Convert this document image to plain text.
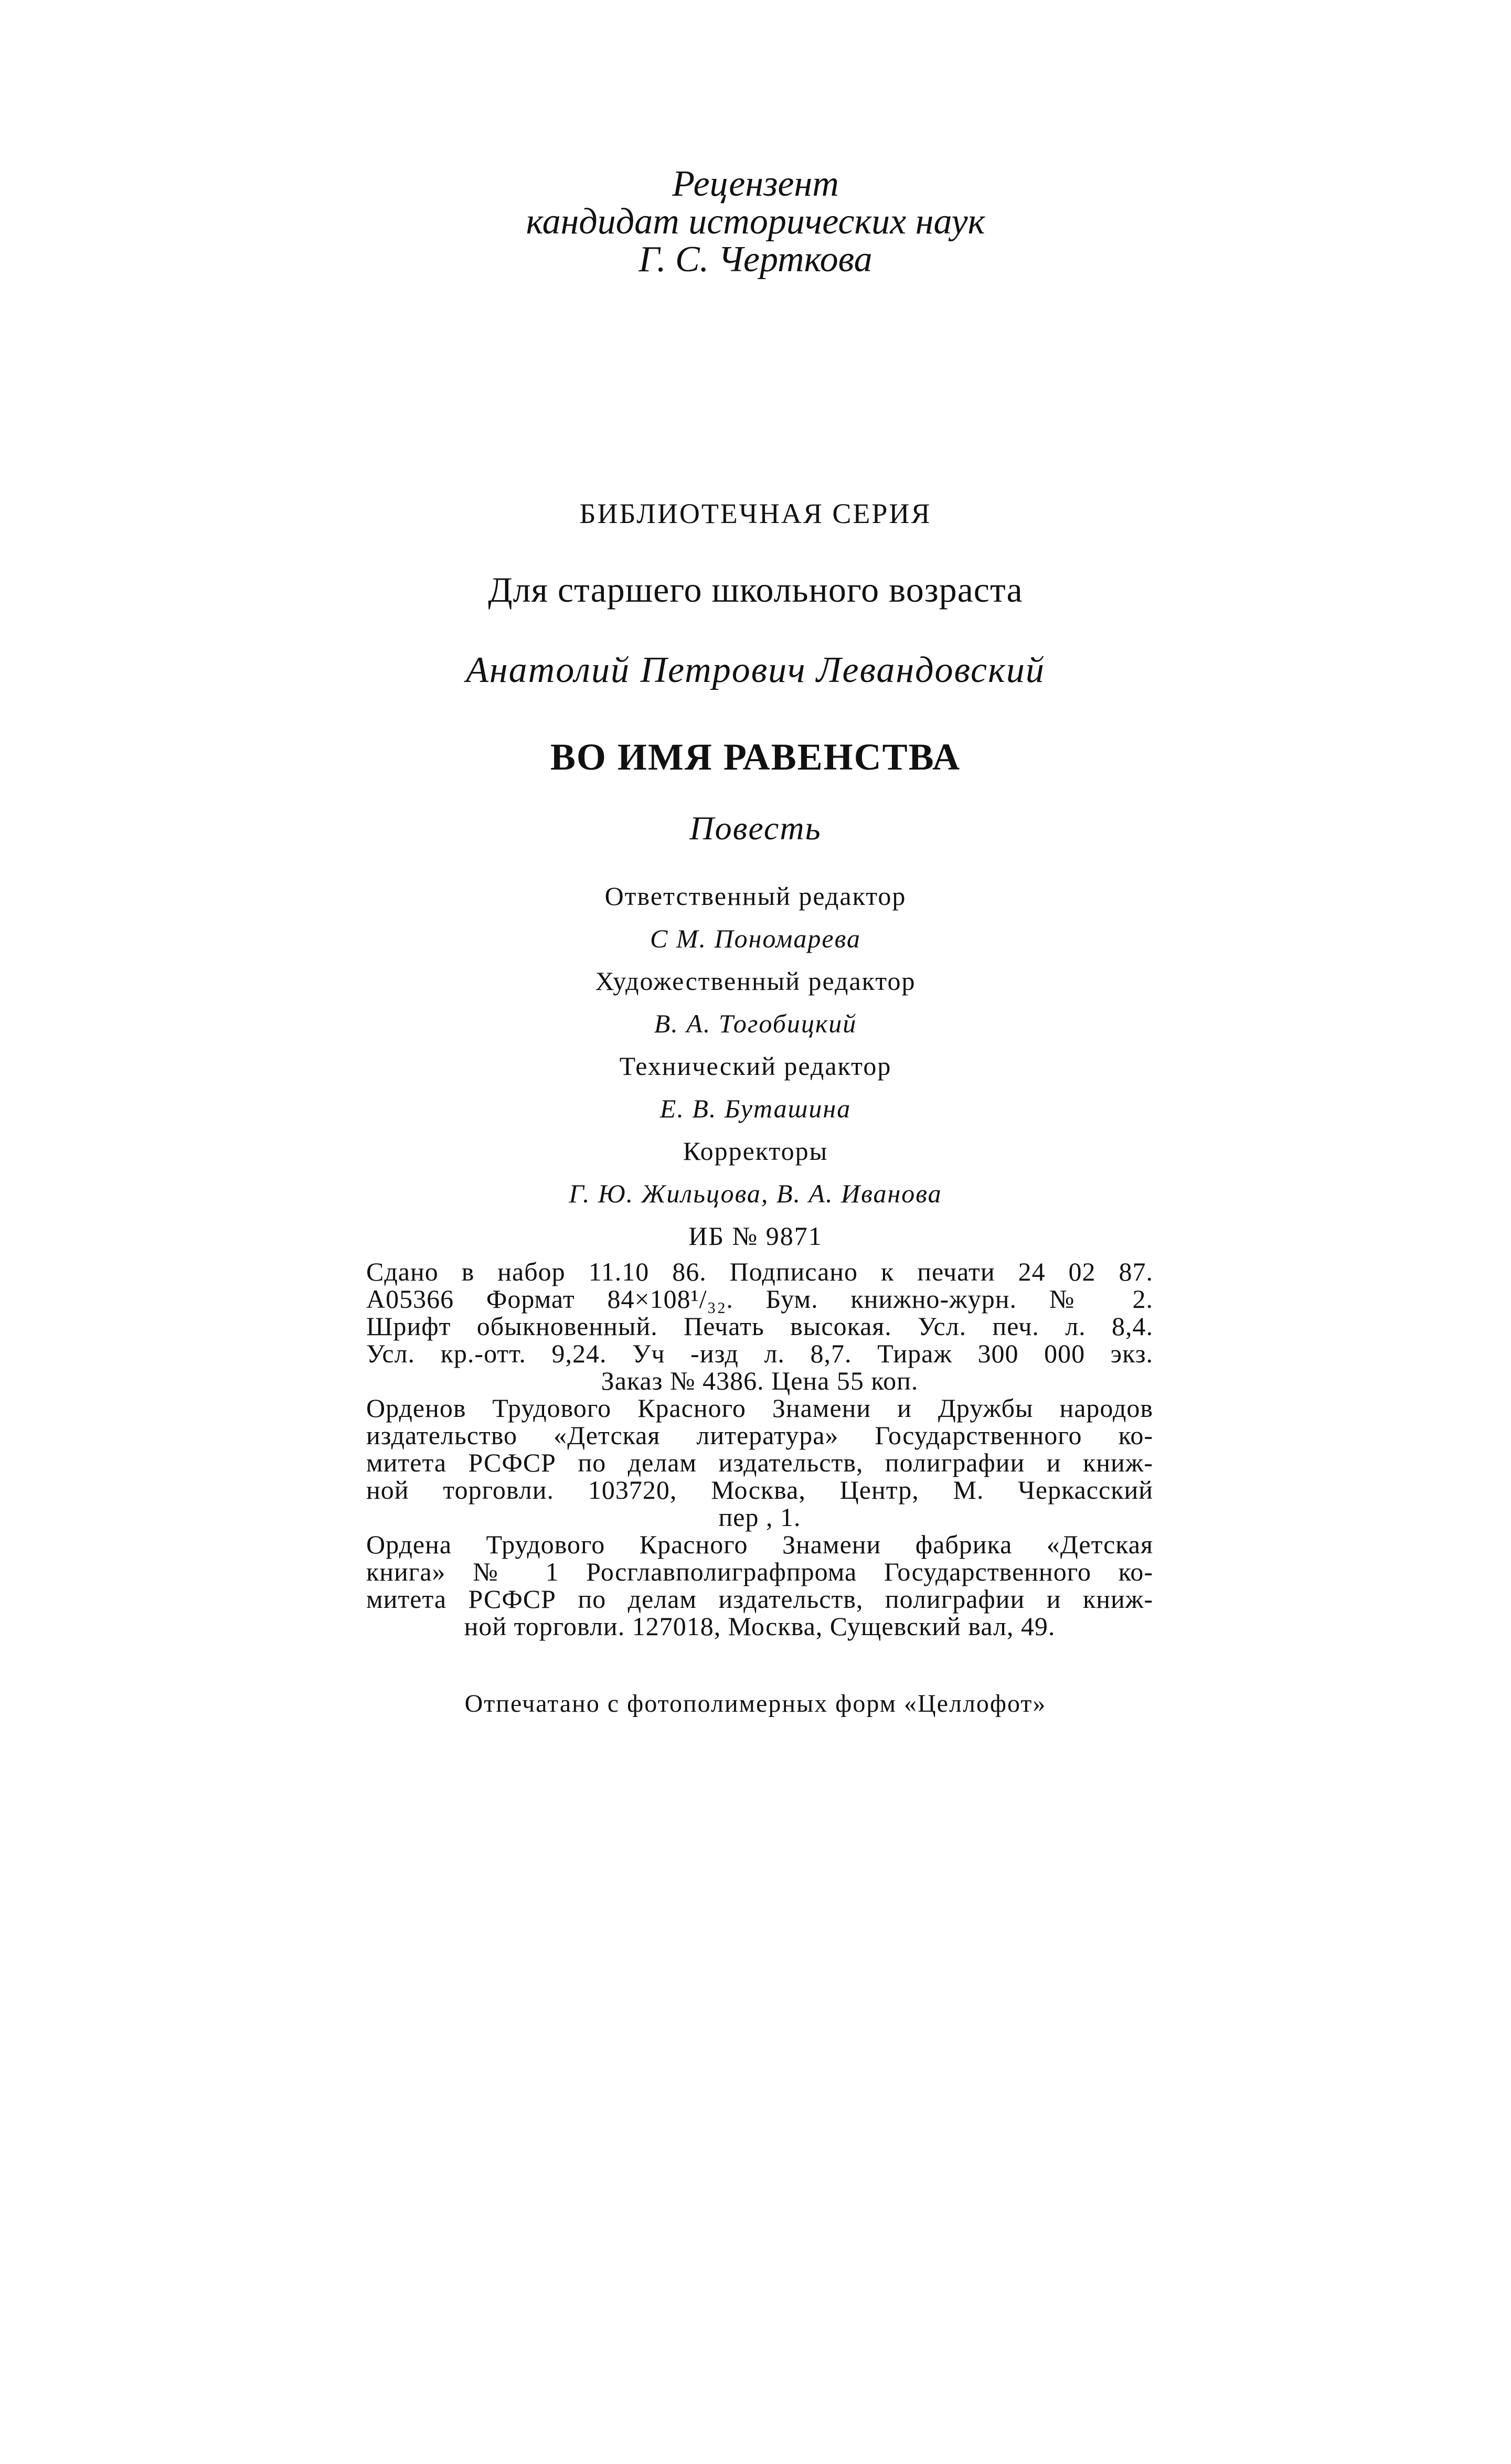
Рецензент
кандидат исторических наук
Г. С. Черткова
БИБЛИОТЕЧНАЯ СЕРИЯ
Для старшего школьного возраста
Анатолий Петрович Левандовский
ВО ИМЯ РАВЕНСТВА
Повесть
Ответственный редактор
С М. Пономарева
Художественный редактор
В. А. Тогобицкий
Технический редактор
Е. В. Буташина
Корректоры
Г. Ю. Жильцова, В. А. Иванова
ИБ № 9871
Сдано в набор 11.10 86. Подписано к печати 24 02 87.
А05366 Формат 84×108¹/₃₂. Бум. книжно-журн. № 2.
Шрифт обыкновенный. Печать высокая. Усл. печ. л. 8,4.
Усл. кр.-отт. 9,24. Уч -изд л. 8,7. Тираж 300 000 экз.
Заказ № 4386. Цена 55 коп.
Орденов Трудового Красного Знамени и Дружбы народов
издательство «Детская литература» Государственного ко-
митета РСФСР по делам издательств, полиграфии и книж-
ной торговли. 103720, Москва, Центр, М. Черкасский
пер , 1.
Ордена Трудового Красного Знамени фабрика «Детская
книга» № 1 Росглавполиграфпрома Государственного ко-
митета РСФСР по делам издательств, полиграфии и книж-
ной торговли. 127018, Москва, Сущевский вал, 49.
Отпечатано с фотополимерных форм «Целлофот»
